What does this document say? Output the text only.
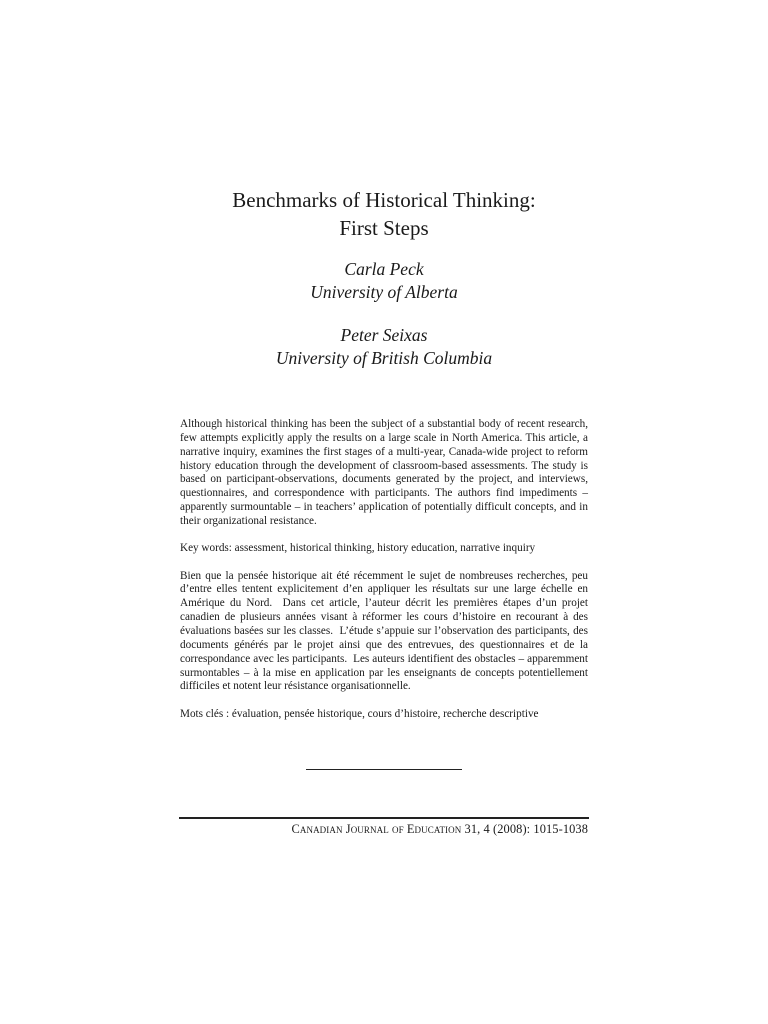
Benchmarks of Historical Thinking:
First Steps
Carla Peck
University of Alberta
Peter Seixas
University of British Columbia

Although historical thinking has been the subject of a substantial body of recent research, few attempts explicitly apply the results on a large scale in North America. This article, a narrative inquiry, examines the first stages of a multi-year, Canada-wide project to reform history education through the development of classroom-based assessments. The study is based on participant-observations, documents generated by the project, and interviews, questionnaires, and correspondence with participants. The authors find impediments – apparently surmountable – in teachers’ application of potentially difficult concepts, and in their organizational resistance.

Key words: assessment, historical thinking, history education, narrative inquiry

Bien que la pensée historique ait été récemment le sujet de nombreuses recherches, peu d’entre elles tentent explicitement d’en appliquer les résultats sur une large échelle en Amérique du Nord.  Dans cet article, l’auteur décrit les premières étapes d’un projet canadien de plusieurs années visant à réformer les cours d’histoire en recourant à des évaluations basées sur les classes.  L’étude s’appuie sur l’observation des participants, des documents générés par le projet ainsi que des entrevues, des questionnaires et de la correspondance avec les participants.  Les auteurs identifient des obstacles – apparemment surmontables – à la mise en application par les enseignants de concepts potentiellement difficiles et notent leur résistance organisationnelle.

Mots clés : évaluation, pensée historique, cours d’histoire, recherche descriptive

Canadian Journal of Education 31, 4 (2008): 1015-1038
